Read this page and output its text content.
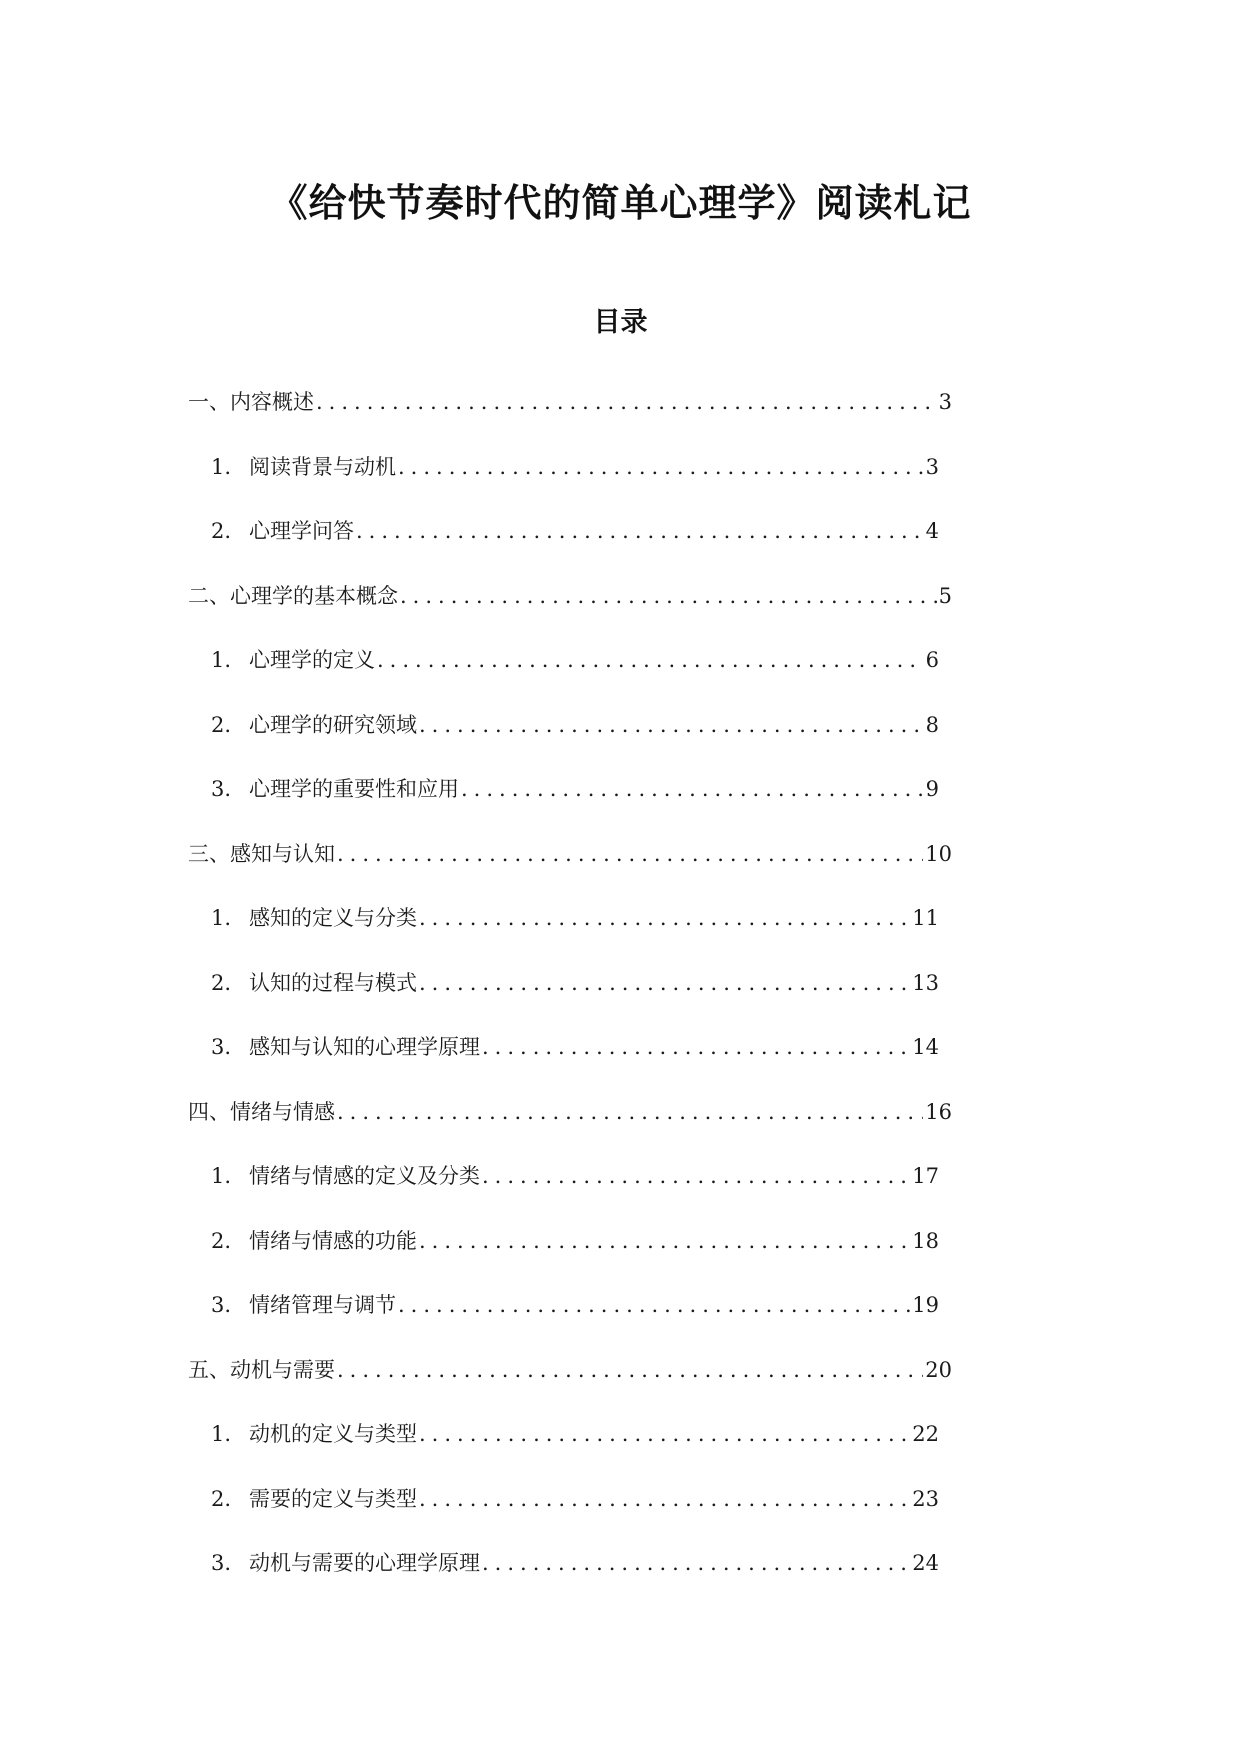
《给快节奏时代的简单心理学》阅读札记
目录
一、内容概述 .....	3
1. 阅读背景与动机 .....	3
2. 心理学问答 .....	4
二、心理学的基本概念 .....	5
1. 心理学的定义 .....	6
2. 心理学的研究领域 .....	8
3. 心理学的重要性和应用 .....	9
三、感知与认知 .....	10
1. 感知的定义与分类 .....	11
2. 认知的过程与模式 .....	13
3. 感知与认知的心理学原理 .....	14
四、情绪与情感 .....	16
1. 情绪与情感的定义及分类 .....	17
2. 情绪与情感的功能 .....	18
3. 情绪管理与调节 .....	19
五、动机与需要 .....	20
1. 动机的定义与类型 .....	22
2. 需要的定义与类型 .....	23
3. 动机与需要的心理学原理 .....	24
